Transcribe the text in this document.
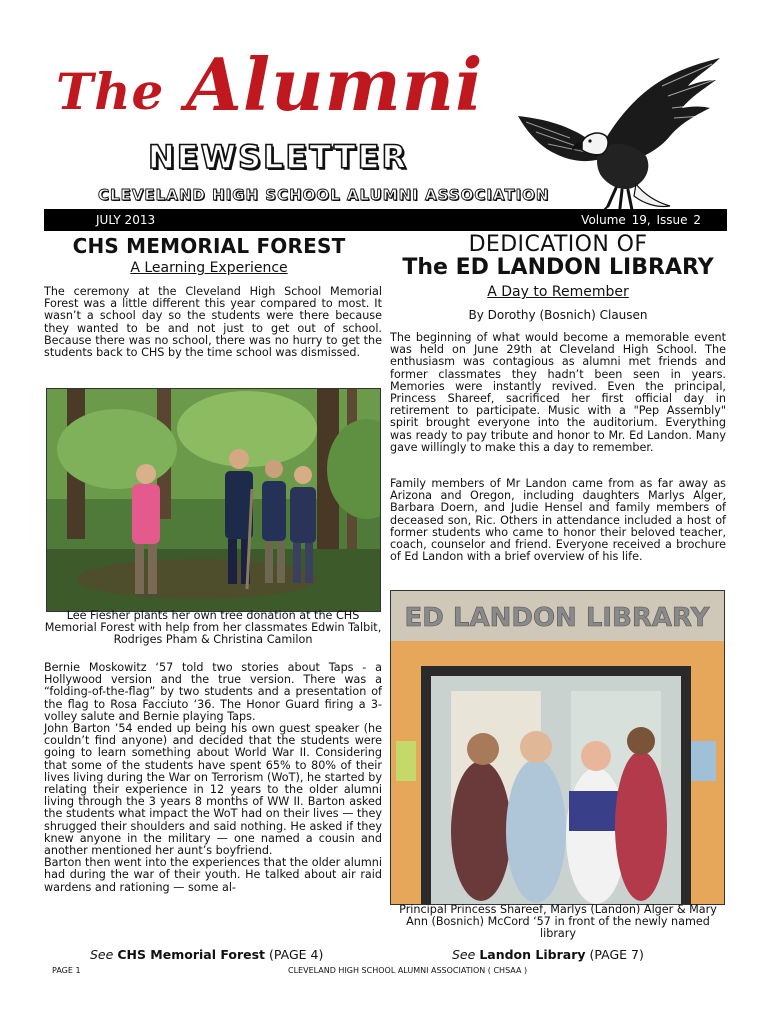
The Alumni
NEWSLETTER
CLEVELAND HIGH SCHOOL ALUMNI ASSOCIATION
JULY 2013	Volume 19, Issue 2
CHS MEMORIAL FOREST
A Learning Experience
The ceremony at the Cleveland High School Memorial Forest was a little different this year compared to most. It wasn’t a school day so the students were there because they wanted to be and not just to get out of school. Because there was no school, there was no hurry to get the students back to CHS by the time school was dismissed.
Lee Fiesher plants her own tree donation at the CHS Memorial Forest with help from her classmates Edwin Talbit, Rodriges Pham & Christina Camilon
Bernie Moskowitz ‘57 told two stories about Taps - a Hollywood version and the true version. There was a “folding-of-the-flag” by two students and a presentation of the flag to Rosa Facciuto ‘36. The Honor Guard firing a 3-volley salute and Bernie playing Taps.
John Barton ’54 ended up being his own guest speaker (he couldn’t find anyone) and decided that the students were going to learn something about World War II. Considering that some of the students have spent 65% to 80% of their lives living during the War on Terrorism (WoT), he started by relating their experience in 12 years to the older alumni living through the 3 years 8 months of WW II. Barton asked the students what impact the WoT had on their lives — they shrugged their shoulders and said nothing. He asked if they knew anyone in the military — one named a cousin and another mentioned her aunt’s boyfriend.
Barton then went into the experiences that the older alumni had during the war of their youth. He talked about air raid wardens and rationing — some al-
See CHS Memorial Forest (PAGE 4)
DEDICATION OF
The ED LANDON LIBRARY
A Day to Remember
By Dorothy (Bosnich) Clausen
The beginning of what would become a memorable event was held on June 29th at Cleveland High School. The enthusiasm was contagious as alumni met friends and former classmates they hadn’t been seen in years. Memories were instantly revived. Even the principal, Princess Shareef, sacrificed her first official day in retirement to participate. Music with a "Pep Assembly" spirit brought everyone into the auditorium. Everything was ready to pay tribute and honor to Mr. Ed Landon. Many gave willingly to make this a day to remember.
Family members of Mr Landon came from as far away as Arizona and Oregon, including daughters Marlys Alger, Barbara Doern, and Judie Hensel and family members of deceased son, Ric. Others in attendance included a host of former students who came to honor their beloved teacher, coach, counselor and friend. Everyone received a brochure of Ed Landon with a brief overview of his life.
ED LANDON LIBRARY
Principal Princess Shareef, Marlys (Landon) Alger & Mary Ann (Bosnich) McCord ‘57 in front of the newly named library
See Landon Library (PAGE 7)
PAGE 1	CLEVELAND HIGH SCHOOL ALUMNI ASSOCIATION ( CHSAA )
